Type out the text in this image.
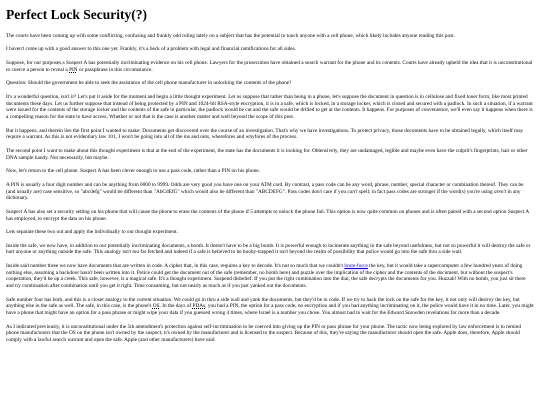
Perfect Lock Security(?)

The courts have been coming up with some conflicting, confusing and frankly odd ruling lately on a subject that has the potential to touch anyone with a cell phone, which likely includes anyone reading this post.

I haven't come up with a good answer to this one yet. Frankly, it's a heck of a problem with legal and financial ramifications for all sides.

Suppose, for our purposes,s Suspect A has potentially incriminating evidence on his cell phone. Lawyers for the prosecution have obtained a search warrant for the phone and its contents. Courts have already upheld the idea that it is unconstitutional to coerce a person to reveal a PIN or passphrase in this circumstance.

Question: Should the government be able to seek the assistance of the cell phone manufacturer in unlocking the contents of the phone?

It's a wonderful question, isn't it? Let's put it aside for the moment and begin a little thought experiment. Let us suppose that rather than being in a phone, let's suppose the document in question is in cellulose and fixed toner form, like most printed documents these days. Let us further suppose that instead of being protected by a PIN and 1024-bit RSA-style encryption, it is in a safe, which is locked, in a storage locker, which is closed and secured with a padlock. In such a situation, if a warrant were issued for the contents of the storage locker and the contents of the safe in particular, the padlock would be cut and the safe would be drilled to get at the contents. It happens. For purposes of convenience, we'll even say it happens when there is a compelling reason for the state to have access. Whether or not that is the case is another matter and well beyond the scope of this post.

But it happens, and therein lies the first point I wanted to make: Documents get discovered over the course of an investigation. That's why we have investigations. To protect privacy, those documents have to be obtained legally, which itself may require a warrant. As this is not evidentiary law 101, I won't be going into all of the ins and outs, wherefores and whyfores of the process.

The second point I want to make about this thought experiment is that at the end of the experiment, the state has the documents it is looking for. Obtensively, they are undamaged, legible and maybe even have the culprit's fingerprints, hair or other DNA sample handy. Not necessarily, but maybe.

Now, let's return to the cell phone. Suspect A has been clever enough to use a pass code, rather than a PIN on his phone.

A PIN is usually a four digit number and can be anything from 0000 to 9999. Odds are very good you have one on your ATM card. By contrast, a pass code can be any word, phrase, number, special character or combination thereof. They can be (and usually are) case sensitive, so "abcdefg" would be different than "AbCdEfG" which would also be different than "ABCDEFG". Pass codes don't care if you can't spell; in fact pass codes are stronger if the word(s) you're using aren't in any dictionary.

Suspect A has also set a security setting on his phone that will cause the phone to erase the contents of the phone if 5 attempts to unlock the phone fail. This option is now quite common on phones and is often paired with a second option Suspect A has employed, to encrypt the data on his phone.

Lets separate these two out and apply the individually to our thought experiment.

Inside the safe, we now have, in addition to our potentially incriminating documents, a bomb. It doesn't have to be a big bomb. It is powerful enough to incinerate anything in the safe beyond usefulness, but not so powerful it will destroy the safe or hurt anyone or anything outside the safe. This analogy isn't too far fetched and indeed if a safe is believed to be booby-trapped it isn't beyond the realm of possibility that police would go into the safe thru a side wall.

Inside said number three we now have documents that are written in code. A cipher that, in this case, requires a key to decode. It's not so much that we couldn't brute-force the key, but it would take a supercomputer a few hundred years of doing nothing else, assuming a backdoor hasn't been written into it. Police could get the document out of the safe (remember, no bomb here) and puzzle over the implication of the cipher and the contents of the document, but without the suspect's cooperation, they'd be up a creek. This safe, however, is a magical safe. It's a thought experiment. Suspend disbelief. If you put the right combination into the dial, the safe decrypts the documents for you. Huzzah! With no bomb, you just sit there and try combination after combination until you get it right. Time consuming, but not nearly as much as if you just yanked out the documents.

Safe number four has both, and this is a closer analogy to the current situation. We could go in thru a side wall and yank the documents, but they'd be in code. If we try to hack the lock on the safe for the key, it not only will destroy the key, but anything else in the safe as well. The safe, in this case, is the phone's OS. In the days of PDAs, you had a PIN, the option for a pass code, no encryption and if you had anything incriminating on it, the police would have it in no time. Later, you might have a phone that might have an option for a pass phrase or might wipe your data if you guessed wrong 4 times, where Israel is a number you chose. You almost had to wait for the Edward Snowden revelations for more than a decade.

As I indicated previously, it is unconstitutional under the 5th amendment's protection against self-incrimination to be coerced into giving up the PIN or pass phrase for your phone. The tactic now being explored by law enforcement is to remind phone manufacturers that the OS on the phone isn't owned by the suspect; it's owned by the manufacturer and is licensed to the suspect. Because of this, they're saying the manufacturer should open the safe. Apple does, therefore, Apple should comply with a lawful search warrant and open the safe. Apple (and other manufacturers) have said
